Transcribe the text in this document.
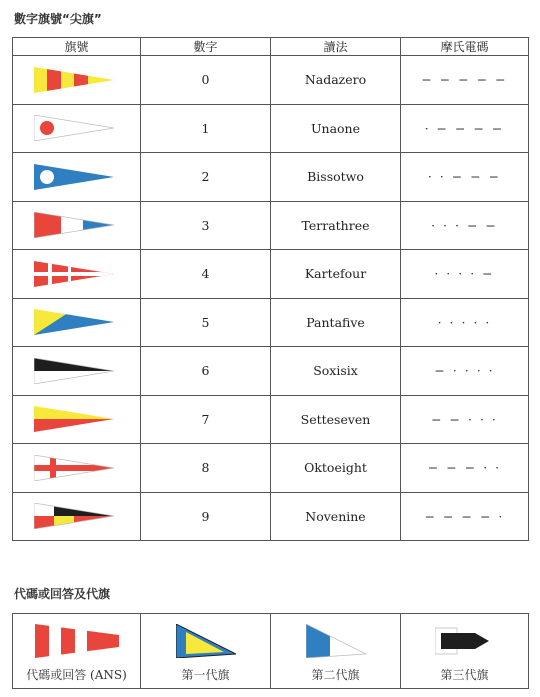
數字旗號“尖旗”
旗號	數字	讀法	摩氏電碼

	0	Nadazero	− − − − −

	1	Unaone	· − − − −

	2	Bissotwo	· · − − −

	3	Terrathree	· · · − −

	4	Kartefour	· · · · −

	5	Pantafive	· · · · ·

	6	Soxisix	− · · · ·

	7	Setteseven	− − · · ·

	8	Oktoeight	− − − · ·

	9	Novenine	− − − − ·
代碼或回答及代旗
代碼或回答 (ANS)	第一代旗	第二代旗	第三代旗
